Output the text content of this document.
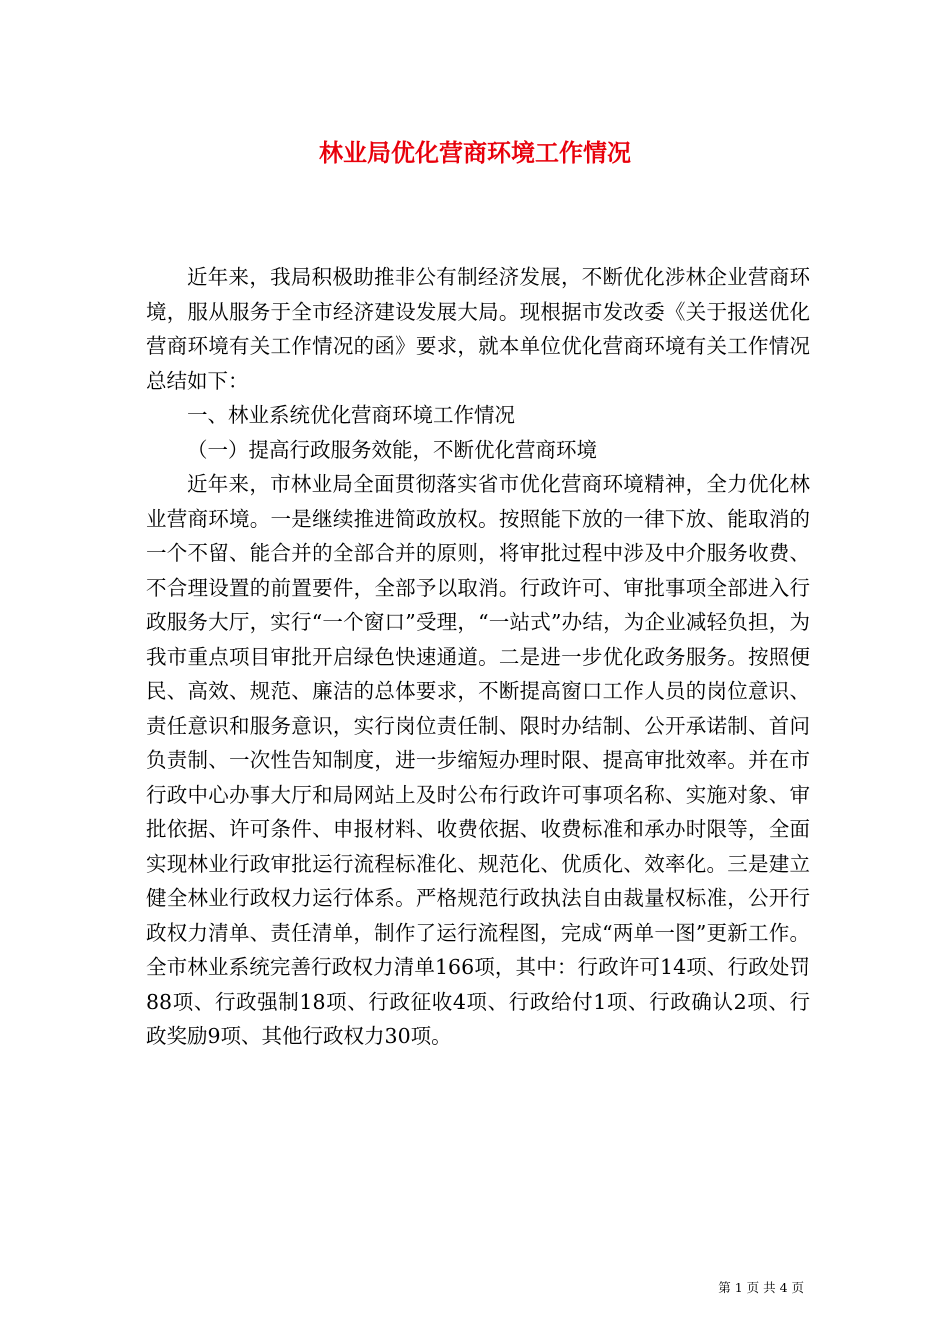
林业局优化营商环境工作情况

近年来，我局积极助推非公有制经济发展，不断优化涉林企业营商环境，服从服务于全市经济建设发展大局。现根据市发改委《关于报送优化营商环境有关工作情况的函》要求，就本单位优化营商环境有关工作情况总结如下：

一、林业系统优化营商环境工作情况

（一）提高行政服务效能，不断优化营商环境

近年来，市林业局全面贯彻落实省市优化营商环境精神，全力优化林业营商环境。一是继续推进简政放权。按照能下放的一律下放、能取消的一个不留、能合并的全部合并的原则，将审批过程中涉及中介服务收费、不合理设置的前置要件，全部予以取消。行政许可、审批事项全部进入行政服务大厅，实行“一个窗口”受理，“一站式”办结，为企业减轻负担，为我市重点项目审批开启绿色快速通道。二是进一步优化政务服务。按照便民、高效、规范、廉洁的总体要求，不断提高窗口工作人员的岗位意识、责任意识和服务意识，实行岗位责任制、限时办结制、公开承诺制、首问负责制、一次性告知制度，进一步缩短办理时限、提高审批效率。并在市行政中心办事大厅和局网站上及时公布行政许可事项名称、实施对象、审批依据、许可条件、申报材料、收费依据、收费标准和承办时限等，全面实现林业行政审批运行流程标准化、规范化、优质化、效率化。三是建立健全林业行政权力运行体系。严格规范行政执法自由裁量权标准，公开行政权力清单、责任清单，制作了运行流程图，完成“两单一图”更新工作。全市林业系统完善行政权力清单166项，其中：行政许可14项、行政处罚88项、行政强制18项、行政征收4项、行政给付1项、行政确认2项、行政奖励9项、其他行政权力30项。

第 1 页 共 4 页
